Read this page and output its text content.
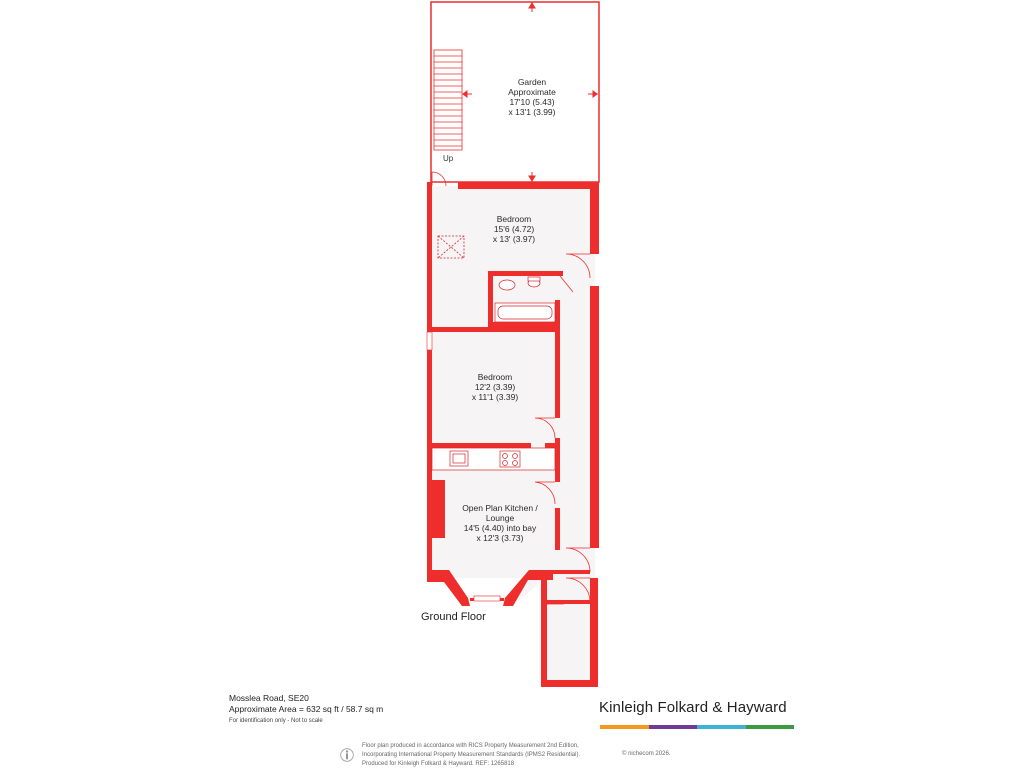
Garden
Approximate
17'10 (5.43)
x 13'1 (3.99)
Up
Bedroom
15'6 (4.72)
x 13' (3.97)
Bedroom
12'2 (3.39)
x 11'1 (3.39)
Open Plan Kitchen /
Lounge
14'5 (4.40) into bay
x 12'3 (3.73)
Ground Floor
Mosslea Road, SE20
Approximate Area = 632 sq ft / 58.7 sq m
For identification only - Not to scale
Kinleigh Folkard & Hayward
Floor plan produced in accordance with RICS Property Measurement 2nd Edition,
Incorporating International Property Measurement Standards (IPMS2 Residential).
Produced for Kinleigh Folkard & Hayward. REF: 1265818
© nichecom 2026.
